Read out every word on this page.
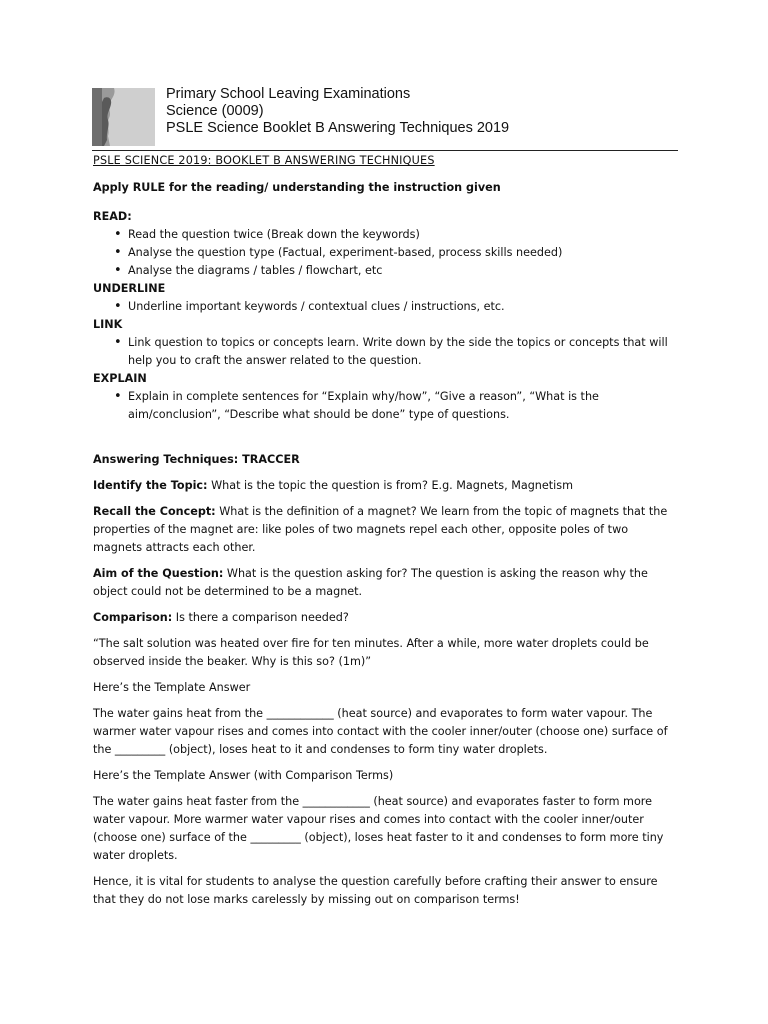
Primary School Leaving Examinations
Science (0009)
PSLE Science Booklet B Answering Techniques 2019

PSLE SCIENCE 2019: BOOKLET B ANSWERING TECHNIQUES

Apply RULE for the reading/ understanding the instruction given

READ:

• Read the question twice (Break down the keywords)
• Analyse the question type (Factual, experiment-based, process skills needed)
• Analyse the diagrams / tables / flowchart, etc

UNDERLINE

• Underline important keywords / contextual clues / instructions, etc.

LINK

• Link question to topics or concepts learn. Write down by the side the topics or concepts that will help you to craft the answer related to the question.

EXPLAIN

• Explain in complete sentences for “Explain why/how”, “Give a reason”, “What is the aim/conclusion”, “Describe what should be done” type of questions.

Answering Techniques: TRACCER

Identify the Topic: What is the topic the question is from? E.g. Magnets, Magnetism

Recall the Concept: What is the definition of a magnet? We learn from the topic of magnets that the properties of the magnet are: like poles of two magnets repel each other, opposite poles of two magnets attracts each other.

Aim of the Question: What is the question asking for? The question is asking the reason why the object could not be determined to be a magnet.

Comparison: Is there a comparison needed?

“The salt solution was heated over fire for ten minutes. After a while, more water droplets could be observed inside the beaker. Why is this so? (1m)”

Here’s the Template Answer

The water gains heat from the ____________ (heat source) and evaporates to form water vapour. The warmer water vapour rises and comes into contact with the cooler inner/outer (choose one) surface of the _________ (object), loses heat to it and condenses to form tiny water droplets.

Here’s the Template Answer (with Comparison Terms)

The water gains heat faster from the ____________ (heat source) and evaporates faster to form more water vapour. More warmer water vapour rises and comes into contact with the cooler inner/outer (choose one) surface of the _________ (object), loses heat faster to it and condenses to form more tiny water droplets.

Hence, it is vital for students to analyse the question carefully before crafting their answer to ensure that they do not lose marks carelessly by missing out on comparison terms!
